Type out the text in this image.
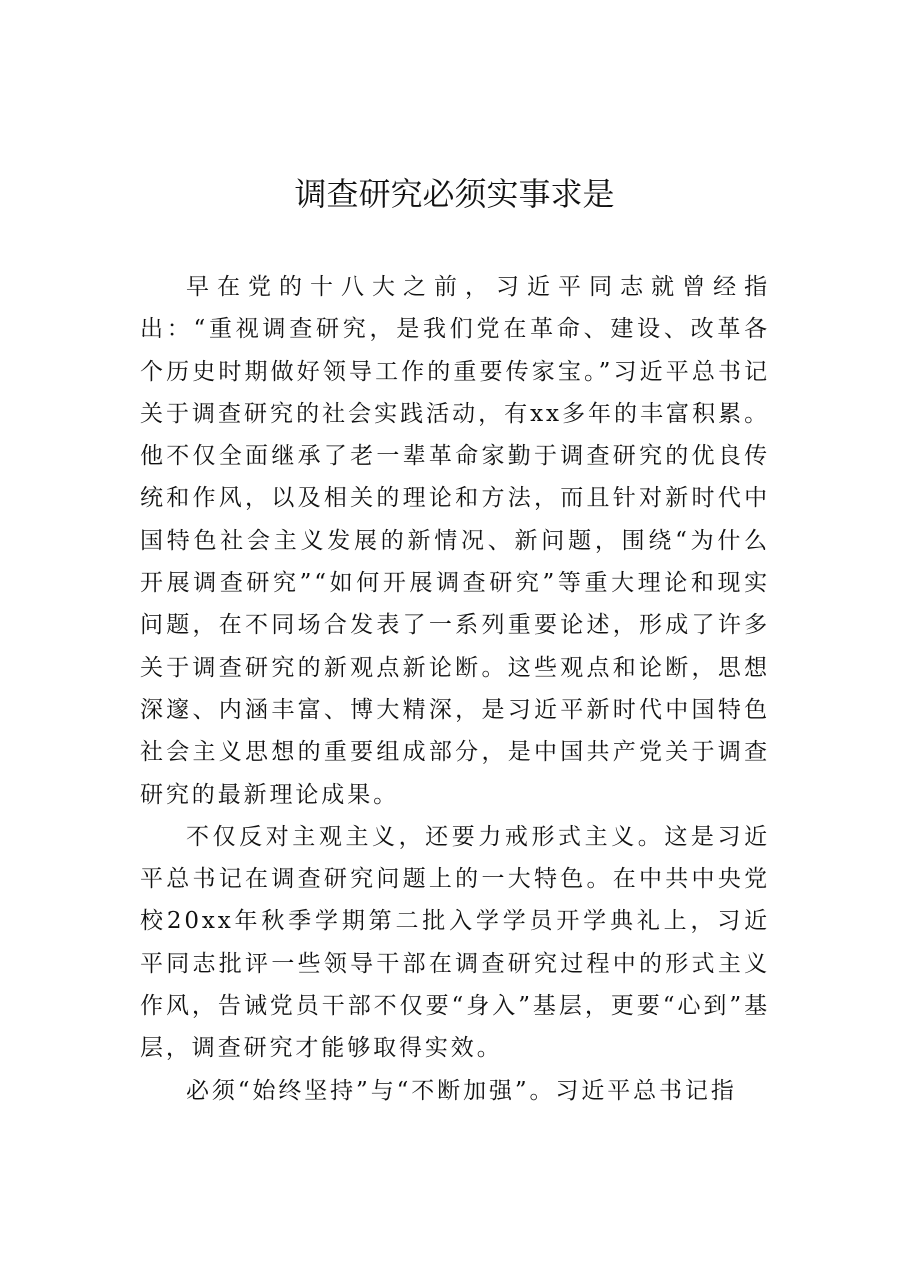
调查研究必须实事求是

早在党的十八大之前，习近平同志就曾经指出：“重视调查研究，是我们党在革命、建设、改革各个历史时期做好领导工作的重要传家宝。”习近平总书记关于调查研究的社会实践活动，有xx多年的丰富积累。他不仅全面继承了老一辈革命家勤于调查研究的优良传统和作风，以及相关的理论和方法，而且针对新时代中国特色社会主义发展的新情况、新问题，围绕“为什么开展调查研究”“如何开展调查研究”等重大理论和现实问题，在不同场合发表了一系列重要论述，形成了许多关于调查研究的新观点新论断。这些观点和论断，思想深邃、内涵丰富、博大精深，是习近平新时代中国特色社会主义思想的重要组成部分，是中国共产党关于调查研究的最新理论成果。

不仅反对主观主义，还要力戒形式主义。这是习近平总书记在调查研究问题上的一大特色。在中共中央党校20xx年秋季学期第二批入学学员开学典礼上，习近平同志批评一些领导干部在调查研究过程中的形式主义作风，告诫党员干部不仅要“身入”基层，更要“心到”基层，调查研究才能够取得实效。

必须“始终坚持”与“不断加强”。习近平总书记指
